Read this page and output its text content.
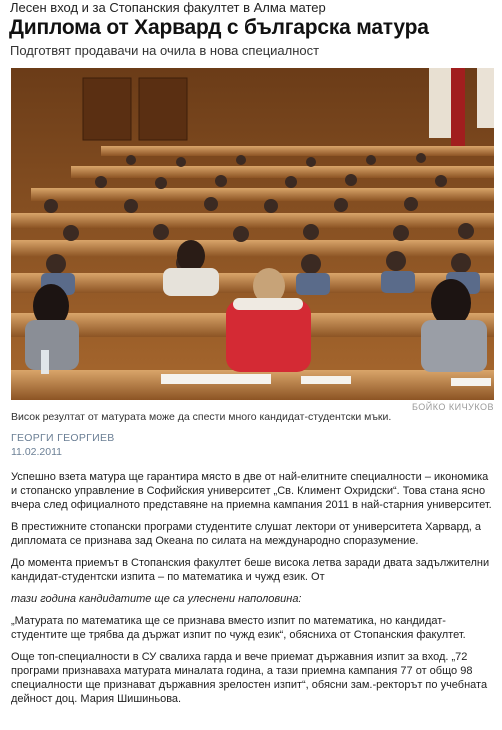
Лесен вход и за Стопанския факултет в Алма матер
Диплома от Харвард с българска матура
Подготвят продавачи на очила в нова специалност
БОЙКО КИЧУКОВ
Висок резултат от матурата може да спести много кандидат-студентски мъки.
ГЕОРГИ ГЕОРГИЕВ
11.02.2011

Успешно взета матура ще гарантира място в две от най-елитните специалности – икономика и стопанско управление в Софийския университет „Св. Климент Охридски“. Това стана ясно вчера след официалното представяне на приемна кампания 2011 в най-старния университет.

В престижните стопански програми студентите слушат лектори от университета Харвард, а дипломата се признава зад Океана по силата на международно споразумение.

До момента приемът в Стопанския факултет беше висока летва заради двата задължителни кандидат-студентски изпита – по математика и чужд език. От

тази година кандидатите ще са улеснени наполовина:

„Матурата по математика ще се признава вместо изпит по математика, но кандидат-студентите ще трябва да държат изпит по чужд език“, обясниха от Стопанския факултет.

Още топ-специалности в СУ свалиха гарда и вече приемат държавния изпит за вход. „72 програми признаваха матурата миналата година, а тази приемна кампания 77 от общо 98 специалности ще признават държавния зрелостен изпит“, обясни зам.-ректорът по учебната дейност доц. Мария Шишиньова.
